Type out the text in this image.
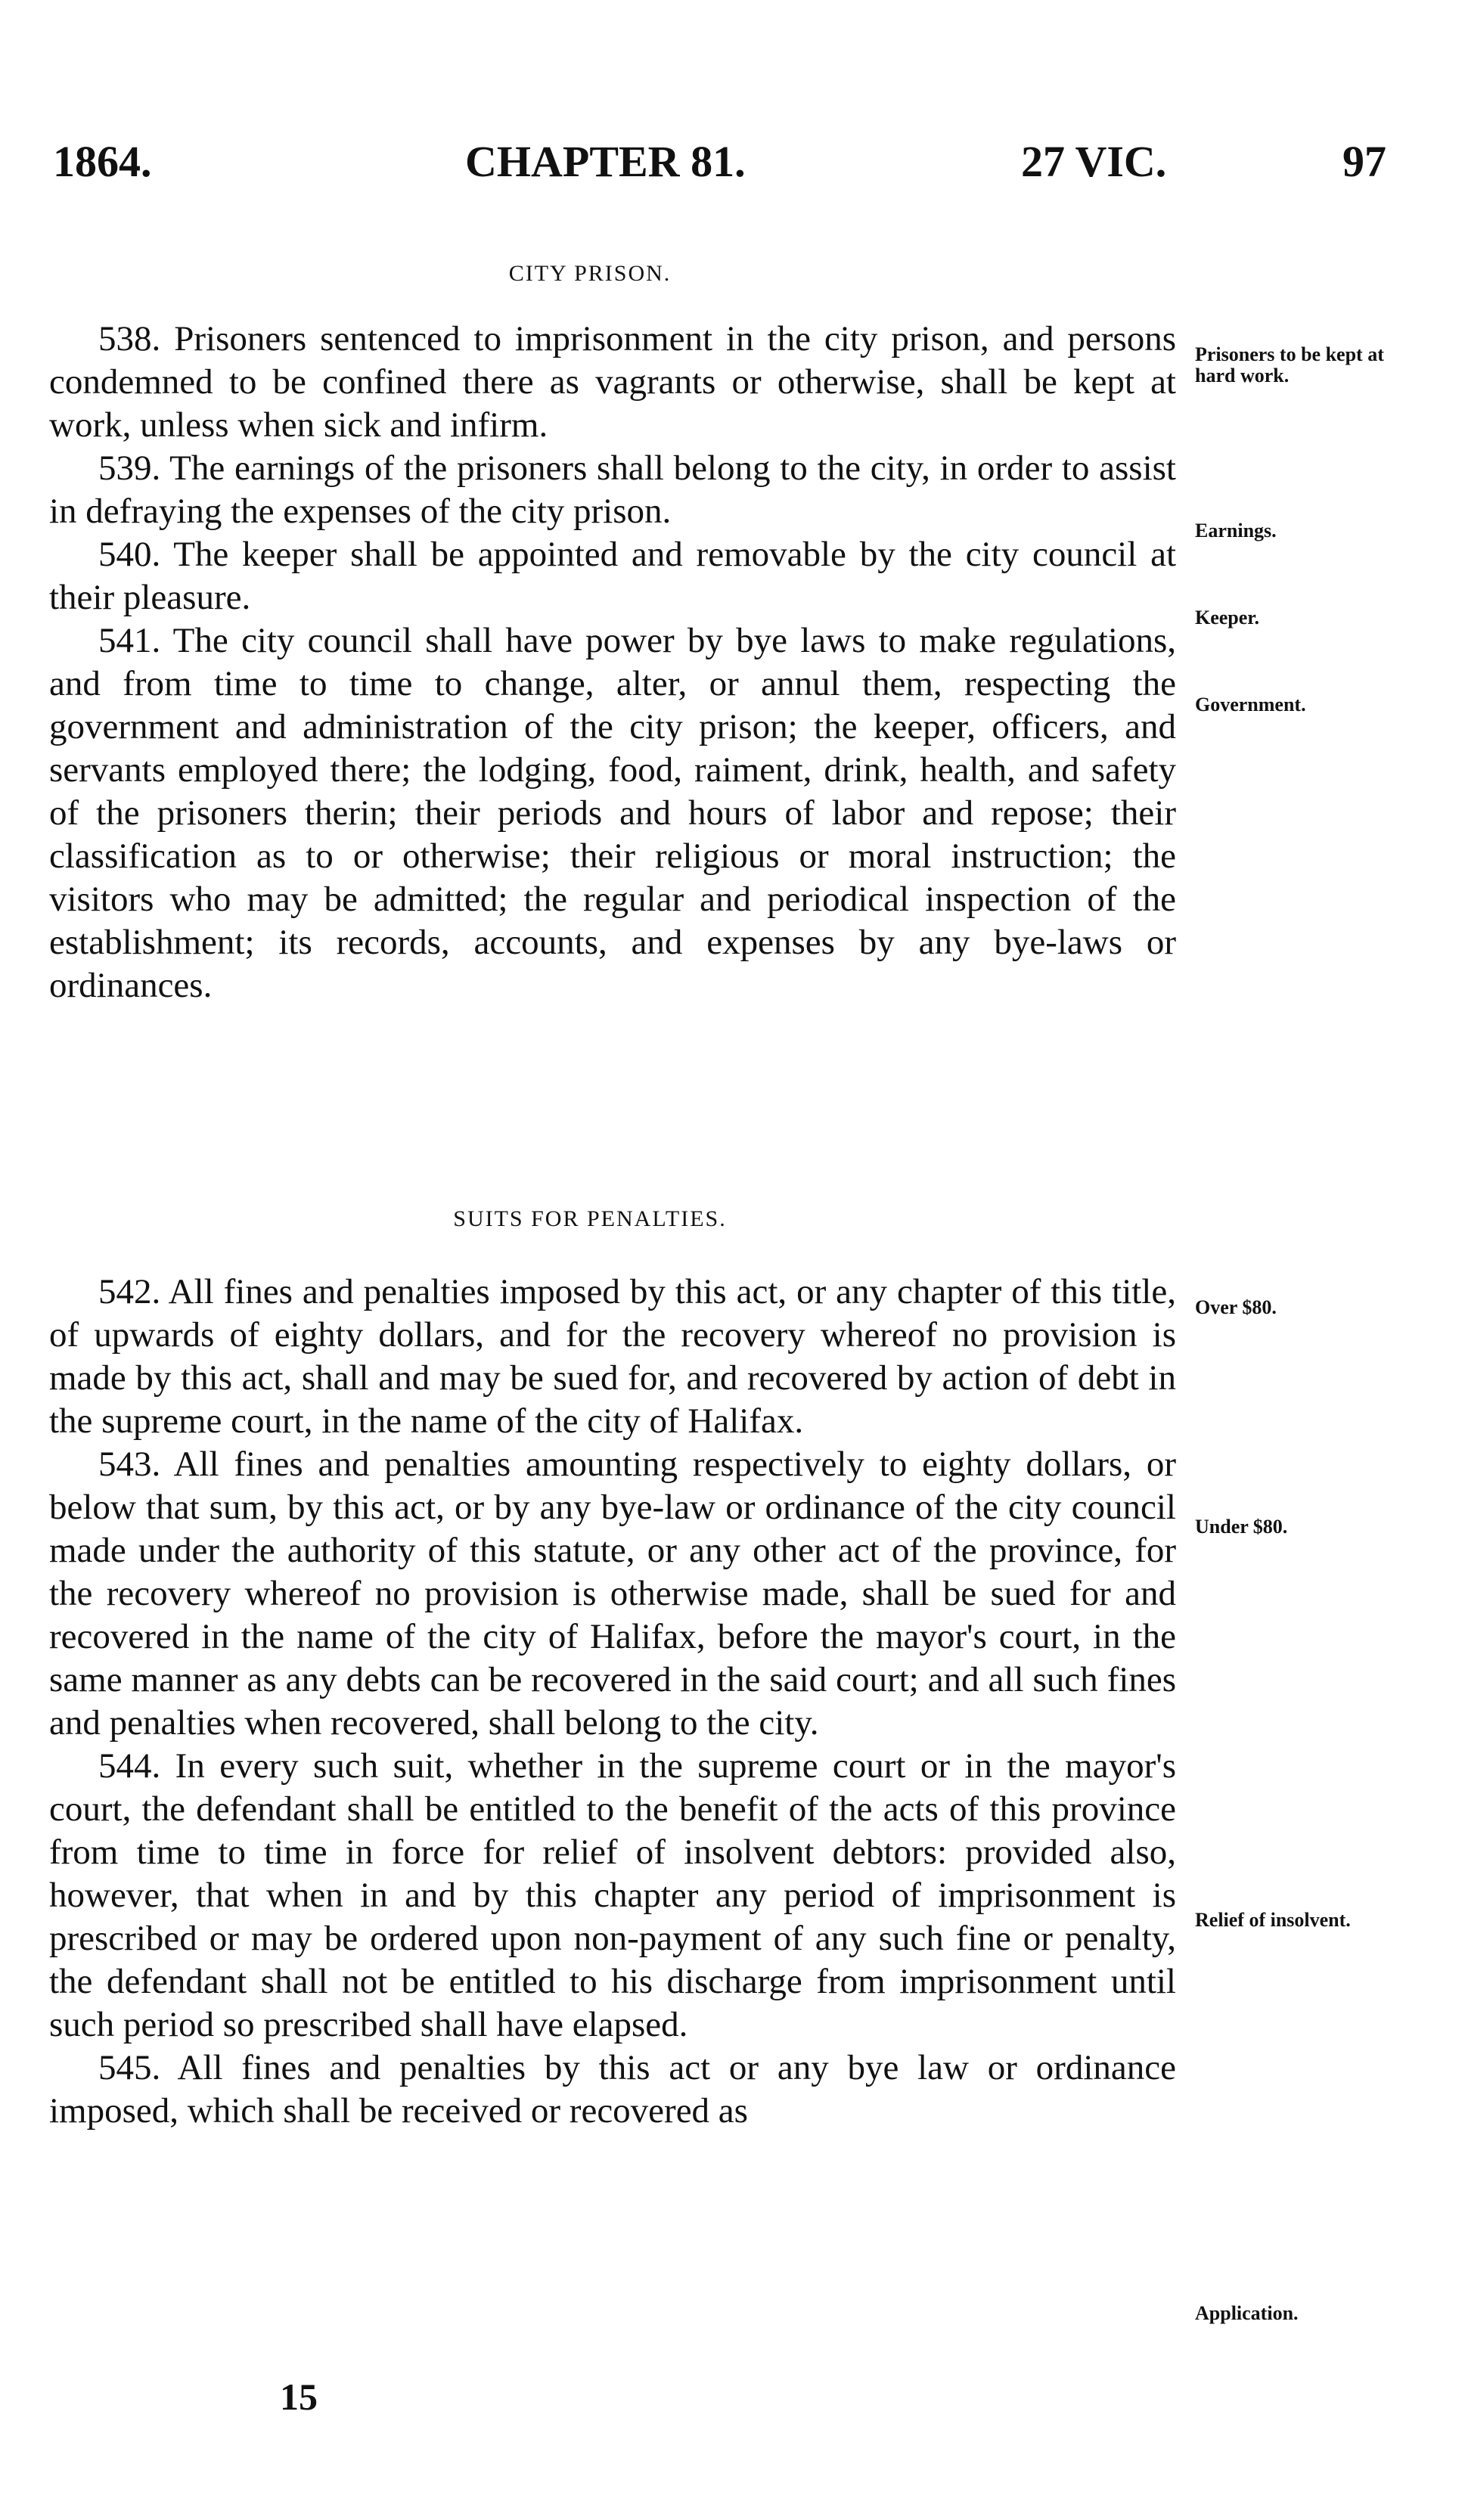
1864.	CHAPTER 81.	27 VIC.	97
CITY PRISON.

538. Prisoners sentenced to imprisonment in the city prison, and persons condemned to be confined there as vagrants or otherwise, shall be kept at work, unless when sick and infirm.

539. The earnings of the prisoners shall belong to the city, in order to assist in defraying the expenses of the city prison.

540. The keeper shall be appointed and removable by the city council at their pleasure.

541. The city council shall have power by bye laws to make regulations, and from time to time to change, alter, or annul them, respecting the government and administration of the city prison; the keeper, officers, and servants employed there; the lodging, food, raiment, drink, health, and safety of the prisoners therin; their periods and hours of labor and repose; their classification as to or otherwise; their religious or moral instruction; the visitors who may be admitted; the regular and periodical inspection of the establishment; its records, accounts, and expenses by any bye-laws or ordinances.

Prisoners to be kept at hard work.
Earnings.
Keeper.
Government.
SUITS FOR PENALTIES.

542. All fines and penalties imposed by this act, or any chapter of this title, of upwards of eighty dollars, and for the recovery whereof no provision is made by this act, shall and may be sued for, and recovered by action of debt in the supreme court, in the name of the city of Halifax.

543. All fines and penalties amounting respectively to eighty dollars, or below that sum, by this act, or by any bye-law or ordinance of the city council made under the authority of this statute, or any other act of the province, for the recovery whereof no provision is otherwise made, shall be sued for and recovered in the name of the city of Halifax, before the mayor's court, in the same manner as any debts can be recovered in the said court; and all such fines and penalties when recovered, shall belong to the city.

544. In every such suit, whether in the supreme court or in the mayor's court, the defendant shall be entitled to the benefit of the acts of this province from time to time in force for relief of insolvent debtors: provided also, however, that when in and by this chapter any period of imprisonment is prescribed or may be ordered upon non-payment of any such fine or penalty, the defendant shall not be entitled to his discharge from imprisonment until such period so prescribed shall have elapsed.

545. All fines and penalties by this act or any bye law or ordinance imposed, which shall be received or recovered as

Over $80.
Under $80.
Relief of insolvent.
Application.
15
